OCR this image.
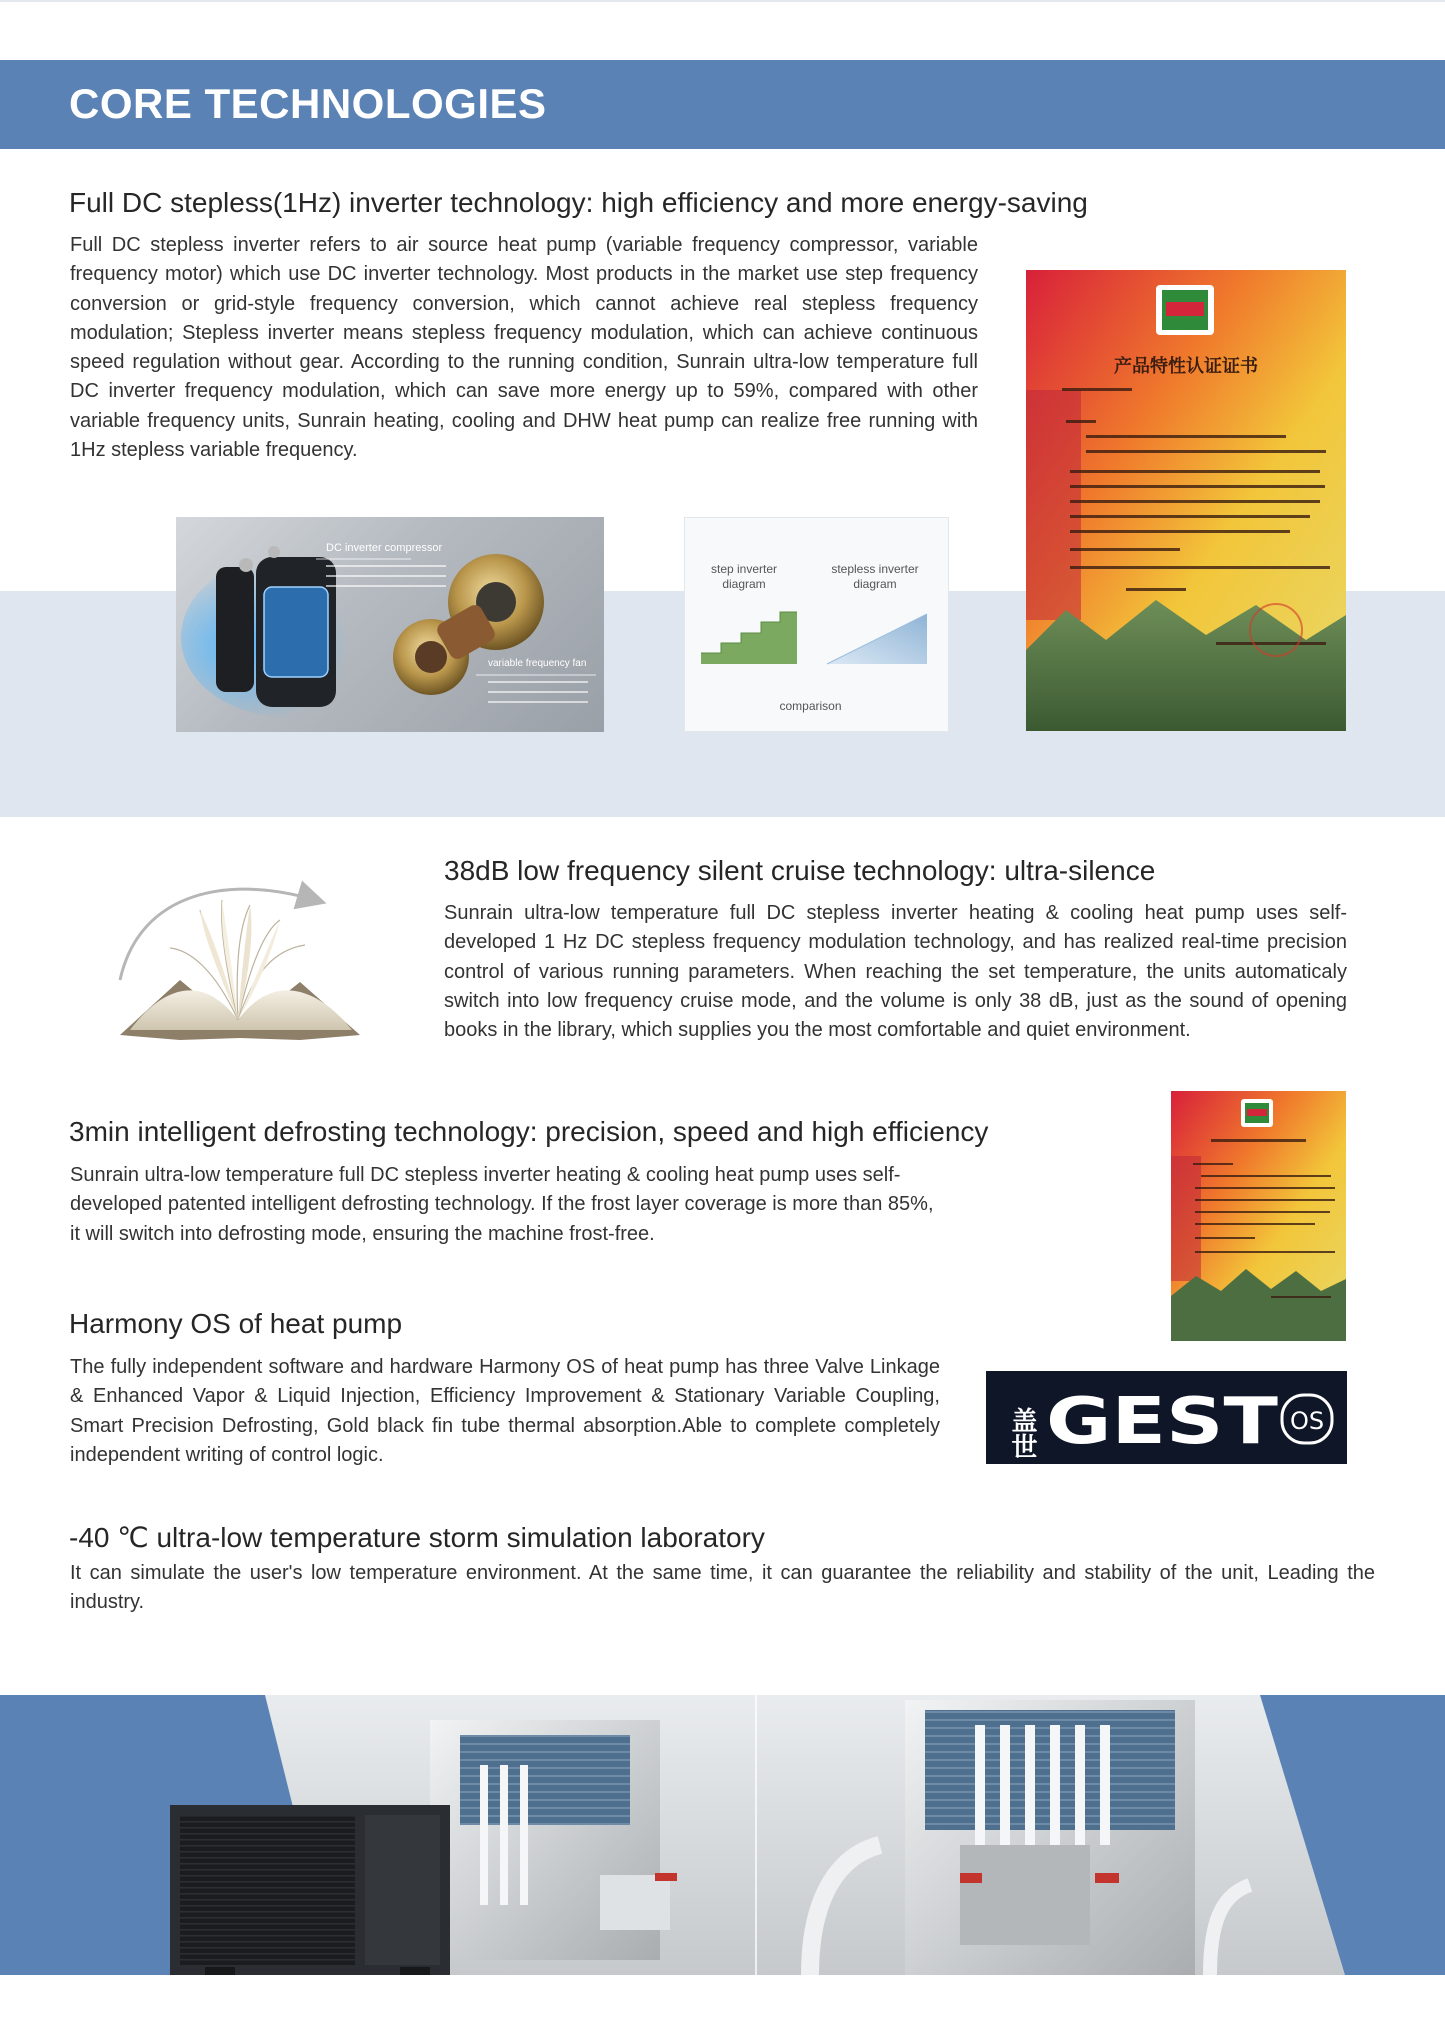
CORE TECHNOLOGIES
Full DC stepless(1Hz) inverter technology: high efficiency and more energy-saving
Full DC stepless inverter refers to air source heat pump (variable frequency compressor, variable frequency motor) which use DC inverter technology. Most products in the market use step frequency conversion or grid-style frequency conversion, which cannot achieve real stepless frequency modulation; Stepless inverter means stepless frequency modulation, which can achieve continuous speed regulation without gear. According to the running condition, Sunrain ultra-low temperature full DC inverter frequency modulation, which can save more energy up to 59%, compared with other variable frequency units, Sunrain heating, cooling and DHW heat pump can realize free running with 1Hz stepless variable frequency.
DC inverter compressor
variable frequency fan
step inverter diagram
stepless inverter diagram
comparison
产品特性认证证书
38dB low frequency silent cruise technology: ultra-silence
Sunrain ultra-low temperature full DC stepless inverter heating & cooling heat pump uses self-developed 1 Hz DC stepless frequency modulation technology, and has realized real-time precision control of various running parameters. When reaching the set temperature, the units automaticaly switch into low frequency cruise mode, and the volume is only 38 dB, just as the sound of opening books in the library, which supplies you the most comfortable and quiet environment.
3min intelligent defrosting technology: precision, speed and high efficiency
Sunrain ultra-low temperature full DC stepless inverter heating & cooling heat pump uses self-developed patented intelligent defrosting technology. If the frost layer coverage is more than 85%, it will switch into defrosting mode, ensuring the machine frost-free.
Harmony OS of heat pump
The fully independent software and hardware Harmony OS of heat pump has three Valve Linkage & Enhanced Vapor & Liquid Injection, Efficiency Improvement & Stationary Variable Coupling, Smart Precision Defrosting, Gold black fin tube thermal absorption.Able to complete completely independent writing of control logic.	盖世 GEST OS
-40 ℃ ultra-low temperature storm simulation laboratory
It can simulate the user's low temperature environment. At the same time, it can guarantee the reliability and stability of the unit, Leading the industry.
